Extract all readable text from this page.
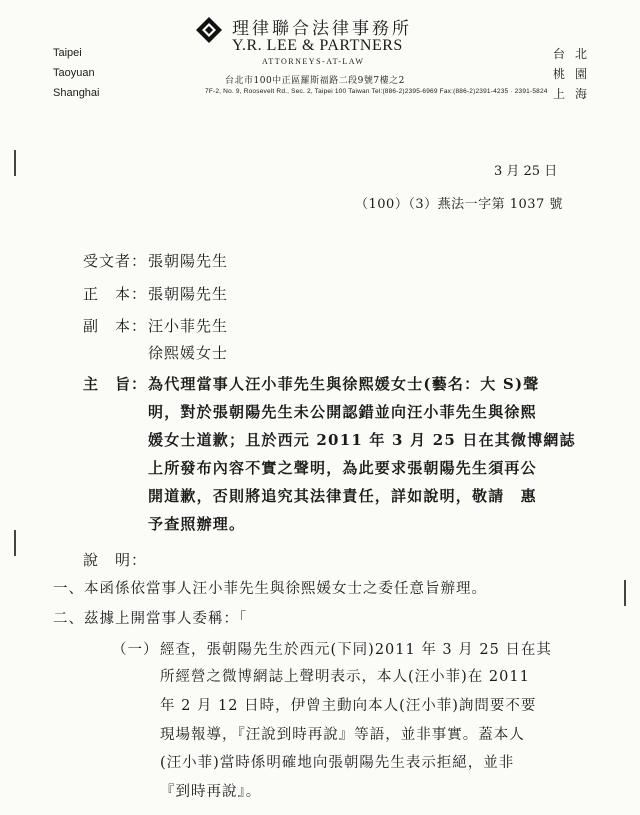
理律聯合法律事務所
Y.R. LEE & PARTNERS
ATTORNEYS-AT-LAW
台北市100中正區羅斯福路二段9號7樓之2
7F-2, No. 9, Roosevelt Rd., Sec. 2, Taipei 100 Taiwan Tel:(886-2)2395-6969 Fax:(886-2)2391-4235 · 2391-5824
Taipei
Taoyuan
Shanghai
台北
桃園
上海
3 月 25 日
（100）（3）燕法一字第 1037 號
受文者： 張朝陽先生
正　本： 張朝陽先生
副　本： 汪小菲先生
徐熙媛女士
主　旨： 為代理當事人汪小菲先生與徐熙媛女士(藝名：大 S)聲
明，對於張朝陽先生未公開認錯並向汪小菲先生與徐熙
媛女士道歉；且於西元 2011 年 3 月 25 日在其微博網誌
上所發布內容不實之聲明，為此要求張朝陽先生須再公
開道歉，否則將追究其法律責任，詳如說明，敬請　惠
予查照辦理。
說　明：
一、本函係依當事人汪小菲先生與徐熙媛女士之委任意旨辦理。
二、茲據上開當事人委稱：「
（一） 經查，張朝陽先生於西元(下同)2011 年 3 月 25 日在其
所經營之微博網誌上聲明表示，本人(汪小菲)在 2011
年 2 月 12 日時，伊曾主動向本人(汪小菲)詢問要不要
現場報導，『汪說到時再說』等語，並非事實。蓋本人
(汪小菲)當時係明確地向張朝陽先生表示拒絕，並非
『到時再說』。
